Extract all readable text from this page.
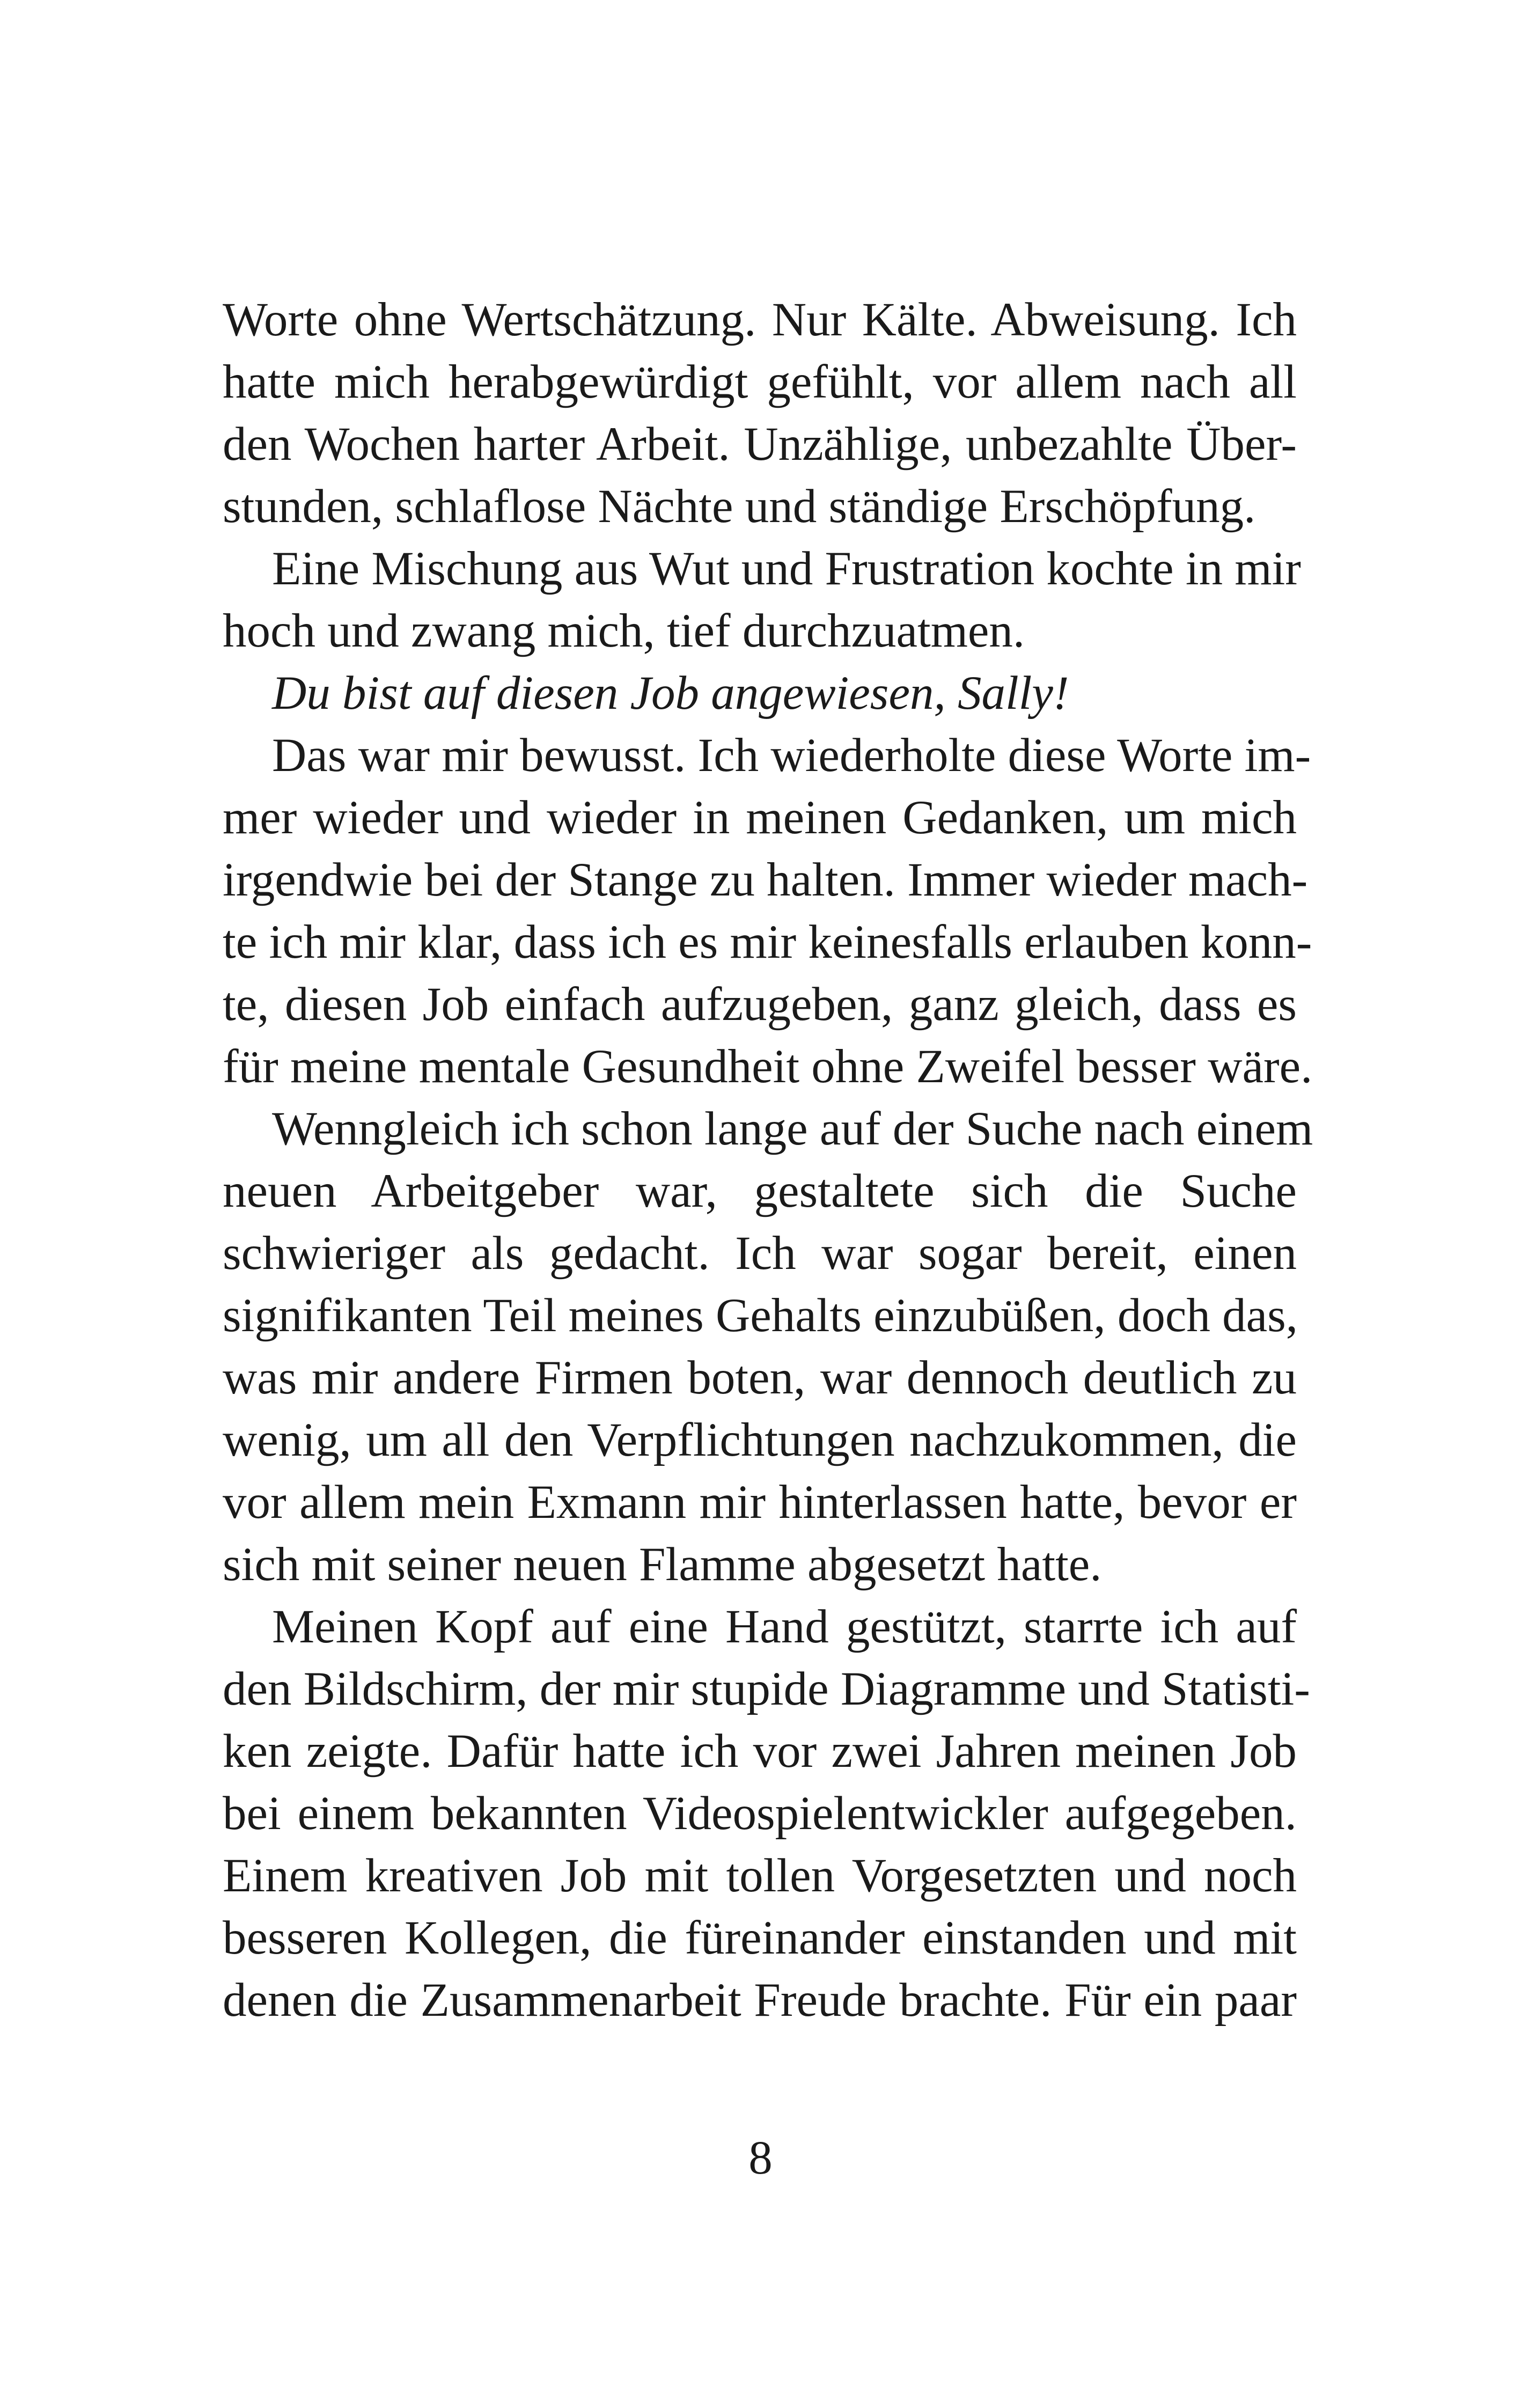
Worte ohne Wertschätzung. Nur Kälte. Abweisung. Ich
hatte mich herabgewürdigt gefühlt, vor allem nach all
den Wochen harter Arbeit. Unzählige, unbezahlte Über-
stunden, schlaflose Nächte und ständige Erschöpfung.
Eine Mischung aus Wut und Frustration kochte in mir
hoch und zwang mich, tief durchzuatmen.
Du bist auf diesen Job angewiesen, Sally!
Das war mir bewusst. Ich wiederholte diese Worte im-
mer wieder und wieder in meinen Gedanken, um mich
irgendwie bei der Stange zu halten. Immer wieder mach-
te ich mir klar, dass ich es mir keinesfalls erlauben konn-
te, diesen Job einfach aufzugeben, ganz gleich, dass es
für meine mentale Gesundheit ohne Zweifel besser wäre.
Wenngleich ich schon lange auf der Suche nach einem
neuen Arbeitgeber war, gestaltete sich die Suche
schwieriger als gedacht. Ich war sogar bereit, einen
signifikanten Teil meines Gehalts einzubüßen, doch das,
was mir andere Firmen boten, war dennoch deutlich zu
wenig, um all den Verpflichtungen nachzukommen, die
vor allem mein Exmann mir hinterlassen hatte, bevor er
sich mit seiner neuen Flamme abgesetzt hatte.
Meinen Kopf auf eine Hand gestützt, starrte ich auf
den Bildschirm, der mir stupide Diagramme und Statisti-
ken zeigte. Dafür hatte ich vor zwei Jahren meinen Job
bei einem bekannten Videospielentwickler aufgegeben.
Einem kreativen Job mit tollen Vorgesetzten und noch
besseren Kollegen, die füreinander einstanden und mit
denen die Zusammenarbeit Freude brachte. Für ein paar
8
